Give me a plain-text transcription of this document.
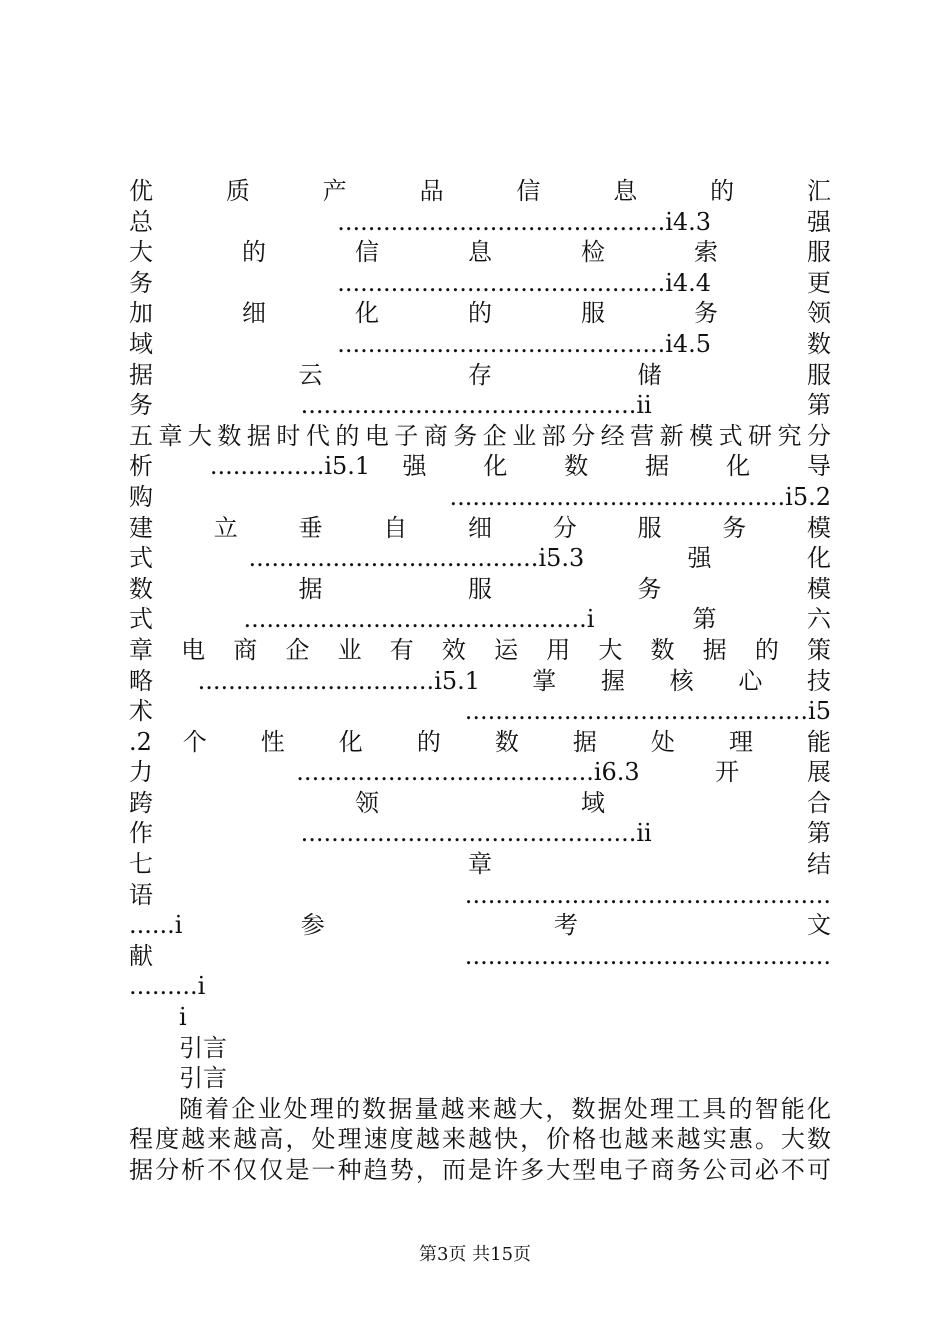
优 质 产 品 信 息 的 汇
总 ...........................................i4.3 强
大 的 信 息 检 索 服
务 ...........................................i4.4 更
加 细 化 的 服 务 领
域 ...........................................i4.5 数
据 云 存 储 服
务............................................ii 第
五章大数据时代的电子商务企业部分经营新模式研究分
析 ...............i5.1 强 化 数 据 化 导
购............................................i5.2
建 立 垂 自 细 分 服 务 模
式......................................i5.3 强化
数 据 服 务 模
式.............................................i 第六
章 电 商 企 业 有 效 运 用 大 数 据 的 策
略...............................i5.1 掌握核心技
术.............................................i5
.2 个 性 化 的 数 据 处 理 能
力 .......................................i6.3 开展
跨 领 域 合
作............................................ii 第
七 章 结
语................................................
......i 参 考 文
献................................................
.........i
i
引言
引言
随着企业处理的数据量越来越大，数据处理工具的智能化
程度越来越高，处理速度越来越快，价格也越来越实惠。大数
据分析不仅仅是一种趋势，而是许多大型电子商务公司必不可
第3页 共15页
